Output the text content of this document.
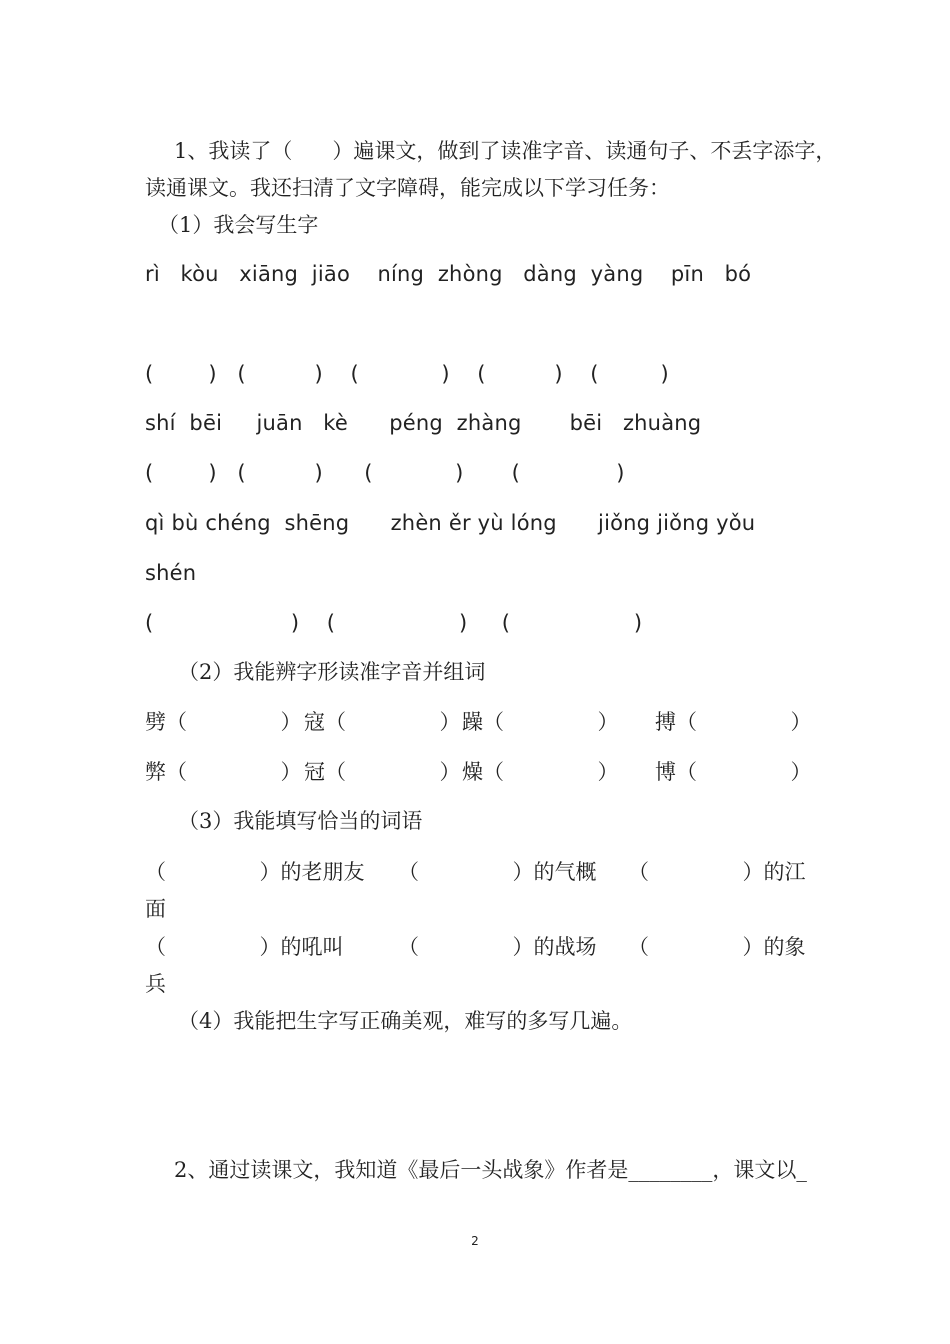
1、我读了（      ）遍课文，做到了读准字音、读通句子、不丢字添字，
读通课文。我还扫清了文字障碍，能完成以下学习任务：
（1）我会写生字
rì   kòu   xiāng  jiāo    níng  zhòng   dàng  yàng    pīn   bó
(        )   (          )    (            )    (          )    (         )
shí  bēi     juān   kè      péng  zhàng       bēi   zhuàng
(        )   (          )      (            )       (              )
qì bù chéng  shēng      zhèn ěr yù lóng      jiǒng jiǒng yǒu
shén
(                    )    (                  )     (                  )
（2）我能辨字形读准字音并组词
劈（              ） 寇（              ） 躁（              ） 搏（              ）
弊（              ） 冠（              ） 燥（              ） 博（              ）
（3）我能填写恰当的词语
（              ）的老朋友 （              ）的气概 （              ）的江
面
（              ）的吼叫	（              ）的战场 （              ）的象
兵
（4）我能把生字写正确美观，难写的多写几遍。
2、通过读课文，我知道《最后一头战象》作者是________，课文以_
2
